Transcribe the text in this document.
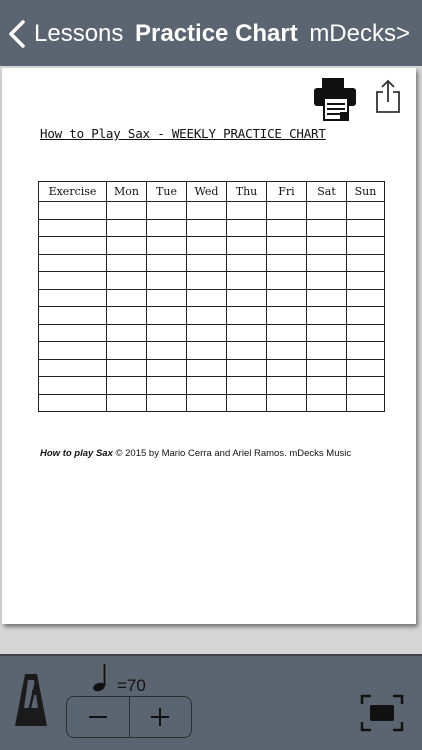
Lessons Practice Chart mDecks>
How to Play Sax - WEEKLY PRACTICE CHART
Exercise	Mon	Tue	Wed	Thu	Fri	Sat	Sun

How to play Sax © 2015 by Mario Cerra and Ariel Ramos. mDecks Music
=70
